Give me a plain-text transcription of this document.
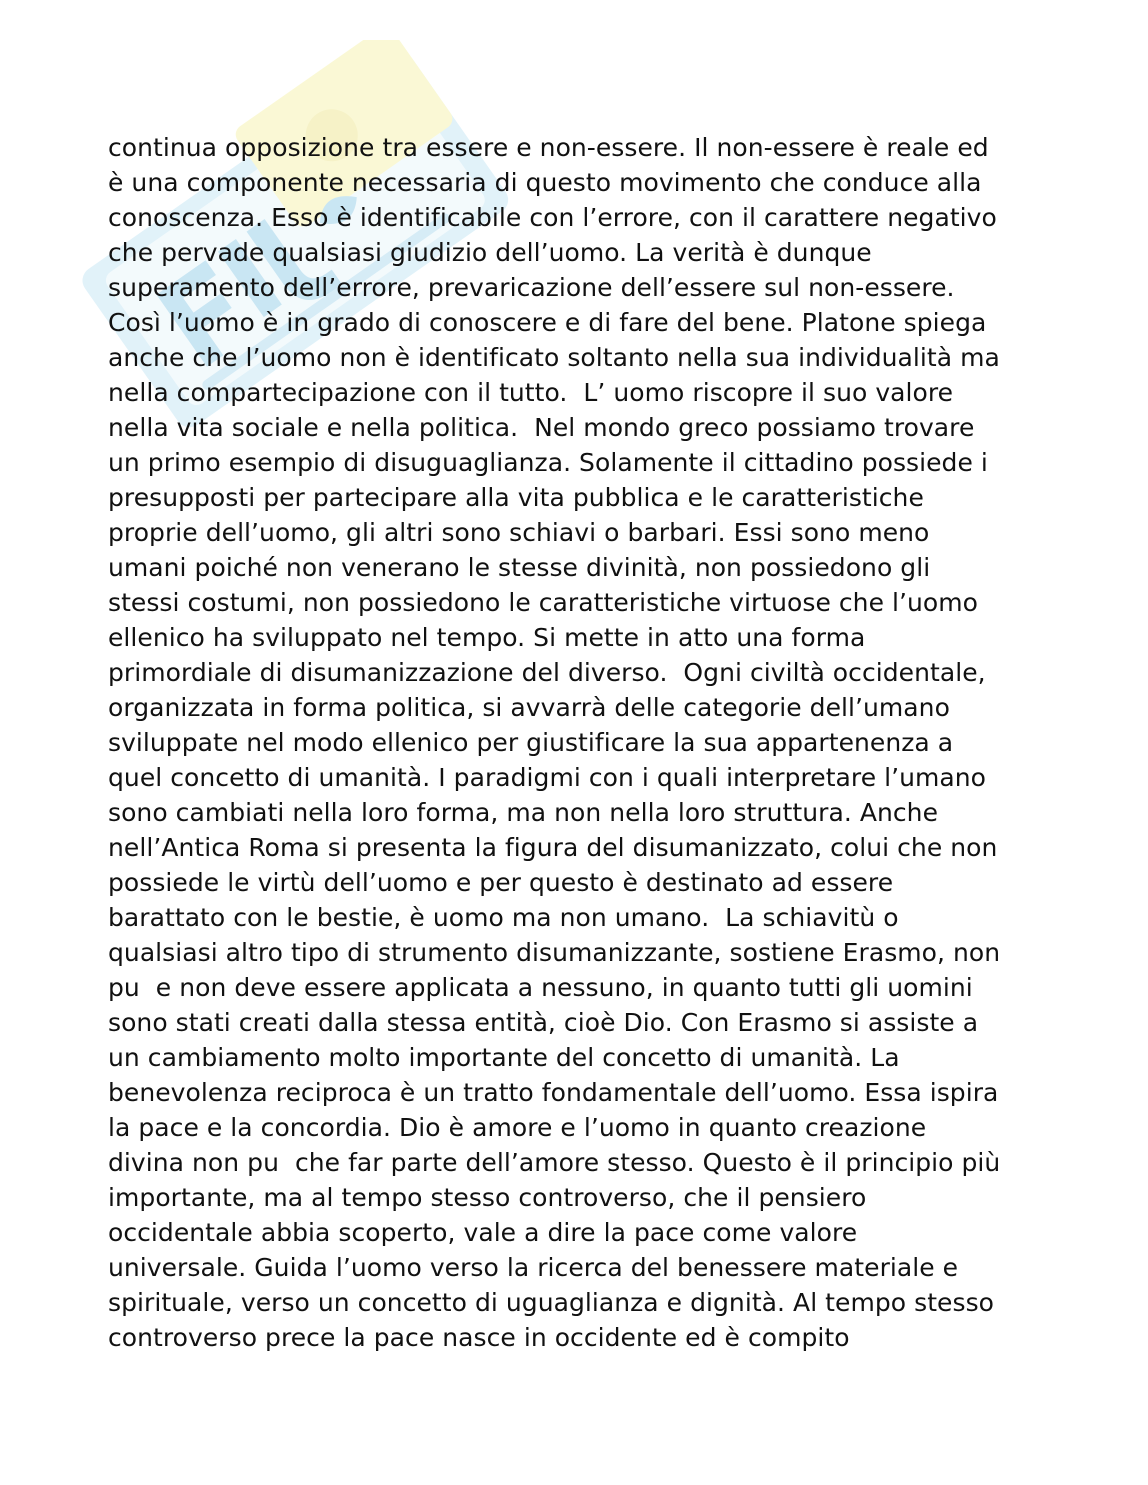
continua opposizione tra essere e non-essere. Il non-essere è reale ed
è una componente necessaria di questo movimento che conduce alla
conoscenza. Esso è identificabile con l’errore, con il carattere negativo
che pervade qualsiasi giudizio dell’uomo. La verità è dunque
superamento dell’errore, prevaricazione dell’essere sul non-essere.
Così l’uomo è in grado di conoscere e di fare del bene. Platone spiega
anche che l’uomo non è identificato soltanto nella sua individualità ma
nella compartecipazione con il tutto.  L’ uomo riscopre il suo valore
nella vita sociale e nella politica.  Nel mondo greco possiamo trovare
un primo esempio di disuguaglianza. Solamente il cittadino possiede i
presupposti per partecipare alla vita pubblica e le caratteristiche
proprie dell’uomo, gli altri sono schiavi o barbari. Essi sono meno
umani poiché non venerano le stesse divinità, non possiedono gli
stessi costumi, non possiedono le caratteristiche virtuose che l’uomo
ellenico ha sviluppato nel tempo. Si mette in atto una forma
primordiale di disumanizzazione del diverso.  Ogni civiltà occidentale,
organizzata in forma politica, si avvarrà delle categorie dell’umano
sviluppate nel modo ellenico per giustificare la sua appartenenza a
quel concetto di umanità. I paradigmi con i quali interpretare l’umano
sono cambiati nella loro forma, ma non nella loro struttura. Anche
nell’Antica Roma si presenta la figura del disumanizzato, colui che non
possiede le virtù dell’uomo e per questo è destinato ad essere
barattato con le bestie, è uomo ma non umano.  La schiavitù o
qualsiasi altro tipo di strumento disumanizzante, sostiene Erasmo, non
pu  e non deve essere applicata a nessuno, in quanto tutti gli uomini
sono stati creati dalla stessa entità, cioè Dio. Con Erasmo si assiste a
un cambiamento molto importante del concetto di umanità. La
benevolenza reciproca è un tratto fondamentale dell’uomo. Essa ispira
la pace e la concordia. Dio è amore e l’uomo in quanto creazione
divina non pu  che far parte dell’amore stesso. Questo è il principio più
importante, ma al tempo stesso controverso, che il pensiero
occidentale abbia scoperto, vale a dire la pace come valore
universale. Guida l’uomo verso la ricerca del benessere materiale e
spirituale, verso un concetto di uguaglianza e dignità. Al tempo stesso
controverso prece la pace nasce in occidente ed è compito
